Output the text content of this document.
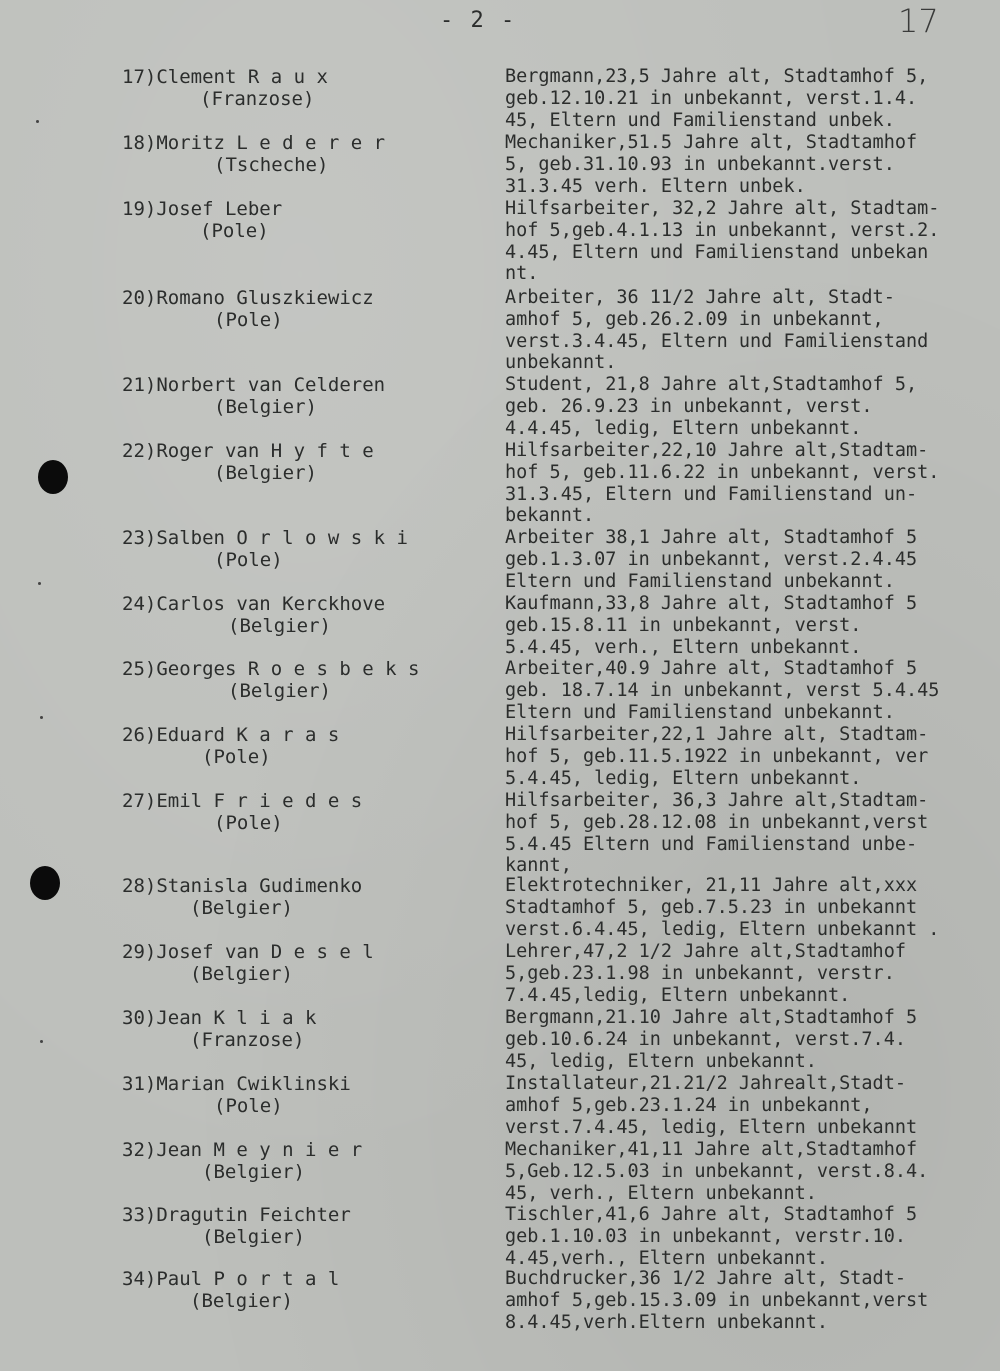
- 2 -	17
17)Clement R a u x
(Franzose)
Bergmann,23,5 Jahre alt, Stadtamhof 5,
geb.12.10.21 in unbekannt, verst.1.4.
45, Eltern und Familienstand unbek.
18)Moritz L e d e r e r
(Tscheche)
Mechaniker,51.5 Jahre alt, Stadtamhof
5, geb.31.10.93 in unbekannt.verst.
31.3.45 verh. Eltern unbek.
19)Josef Leber
(Pole)
Hilfsarbeiter, 32,2 Jahre alt, Stadtam-
hof 5,geb.4.1.13 in unbekannt, verst.2.
4.45, Eltern und Familienstand unbekan
nt.
20)Romano Gluszkiewicz
(Pole)
Arbeiter, 36 11/2 Jahre alt, Stadt-
amhof 5, geb.26.2.09 in unbekannt,
verst.3.4.45, Eltern und Familienstand
unbekannt.
21)Norbert van Celderen
(Belgier)
Student, 21,8 Jahre alt,Stadtamhof 5,
geb. 26.9.23 in unbekannt, verst.
4.4.45, ledig, Eltern unbekannt.
22)Roger van H y f t e
(Belgier)
Hilfsarbeiter,22,10 Jahre alt,Stadtam-
hof 5, geb.11.6.22 in unbekannt, verst.
31.3.45, Eltern und Familienstand un-
bekannt.
23)Salben O r l o w s k i
(Pole)
Arbeiter 38,1 Jahre alt, Stadtamhof 5
geb.1.3.07 in unbekannt, verst.2.4.45
Eltern und Familienstand unbekannt.
24)Carlos van Kerckhove
(Belgier)
Kaufmann,33,8 Jahre alt, Stadtamhof 5
geb.15.8.11 in unbekannt, verst.
5.4.45, verh., Eltern unbekannt.
25)Georges R o e s b e k s
(Belgier)
Arbeiter,40.9 Jahre alt, Stadtamhof 5
geb. 18.7.14 in unbekannt, verst 5.4.45
Eltern und Familienstand unbekannt.
26)Eduard K a r a s
(Pole)
Hilfsarbeiter,22,1 Jahre alt, Stadtam-
hof 5, geb.11.5.1922 in unbekannt, ver
5.4.45, ledig, Eltern unbekannt.
27)Emil F r i e d e s
(Pole)
Hilfsarbeiter, 36,3 Jahre alt,Stadtam-
hof 5, geb.28.12.08 in unbekannt,verst
5.4.45 Eltern und Familienstand unbe-
kannt,
28)Stanisla Gudimenko
(Belgier)
Elektrotechniker, 21,11 Jahre alt,xxx
Stadtamhof 5, geb.7.5.23 in unbekannt
verst.6.4.45, ledig, Eltern unbekannt .
29)Josef van D e s e l
(Belgier)
Lehrer,47,2 1/2 Jahre alt,Stadtamhof
5,geb.23.1.98 in unbekannt, verstr.
7.4.45,ledig, Eltern unbekannt.
30)Jean K l i a k
(Franzose)
Bergmann,21.10 Jahre alt,Stadtamhof 5
geb.10.6.24 in unbekannt, verst.7.4.
45, ledig, Eltern unbekannt.
31)Marian Cwiklinski
(Pole)
Installateur,21.21/2 Jahrealt,Stadt-
amhof 5,geb.23.1.24 in unbekannt,
verst.7.4.45, ledig, Eltern unbekannt
32)Jean M e y n i e r
(Belgier)
Mechaniker,41,11 Jahre alt,Stadtamhof
5,Geb.12.5.03 in unbekannt, verst.8.4.
45, verh., Eltern unbekannt.
33)Dragutin Feichter
(Belgier)
Tischler,41,6 Jahre alt, Stadtamhof 5
geb.1.10.03 in unbekannt, verstr.10.
4.45,verh., Eltern unbekannt.
34)Paul P o r t a l
(Belgier)
Buchdrucker,36 1/2 Jahre alt, Stadt-
amhof 5,geb.15.3.09 in unbekannt,verst
8.4.45,verh.Eltern unbekannt.
